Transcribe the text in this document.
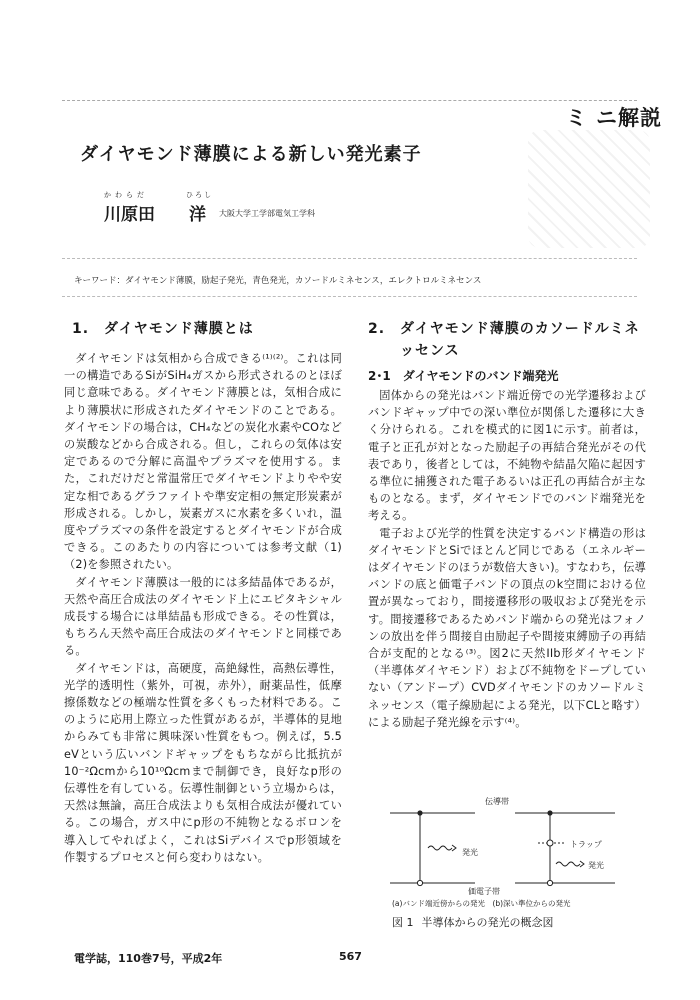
ミ ニ解説
ダイヤモンド薄膜による新しい発光素子
かわらだ
川原田
ひろし
洋 大阪大学工学部電気工学科
キーワード：ダイヤモンド薄膜，励起子発光，青色発光，カソードルミネセンス，エレクトロルミネセンス
1.　ダイヤモンド薄膜とは

ダイヤモンドは気相から合成できる⁽¹⁾⁽²⁾。これは同一の構造であるSiがSiH₄ガスから形式されるのとほぼ同じ意味である。ダイヤモンド薄膜とは，気相合成により薄膜状に形成されたダイヤモンドのことである。ダイヤモンドの場合は，CH₄などの炭化水素やCOなどの炭酸などから合成される。但し，これらの気体は安定であるので分解に高温やプラズマを使用する。また，これだけだと常温常圧でダイヤモンドよりやや安定な相であるグラファイトや準安定相の無定形炭素が形成される。しかし，炭素ガスに水素を多くいれ，温度やプラズマの条件を設定するとダイヤモンドが合成できる。このあたりの内容については参考文献（1)（2)を参照されたい。

ダイヤモンド薄膜は一般的には多結晶体であるが，天然や高圧合成法のダイヤモンド上にエピタキシャル成長する場合には単結晶も形成できる。その性質は，もちろん天然や高圧合成法のダイヤモンドと同様である。

ダイヤモンドは，高硬度，高絶縁性，高熱伝導性，光学的透明性（紫外，可視，赤外），耐薬品性，低摩擦係数などの極端な性質を多くもった材料である。このように応用上際立った性質があるが，半導体的見地からみても非常に興味深い性質をもつ。例えば，5.5 eVという広いバンドギャップをもちながら比抵抗が10⁻²Ωcmから10¹⁰Ωcmまで制御でき，良好なp形の伝導性を有している。伝導性制御という立場からは，天然は無論，高圧合成法よりも気相合成法が優れている。この場合，ガス中にp形の不純物となるボロンを導入してやればよく，これはSiデバイスでp形領域を作製するプロセスと何ら変わりはない。

2.　ダイヤモンド薄膜のカソードルミネッセンス
2･1　ダイヤモンドのバンド端発光

固体からの発光はバンド端近傍での光学遷移およびバンドギャップ中での深い準位が関係した遷移に大きく分けられる。これを模式的に図1に示す。前者は，電子と正孔が対となった励起子の再結合発光がその代表であり，後者としては，不純物や結晶欠陥に起因する準位に捕獲された電子あるいは正孔の再結合が主なものとなる。まず，ダイヤモンドでのバンド端発光を考える。

電子および光学的性質を決定するバンド構造の形はダイヤモンドとSiでほとんど同じである（エネルギーはダイヤモンドのほうが数倍大きい)。すなわち，伝導バンドの底と価電子バンドの頂点のk空間における位置が異なっており，間接遷移形の吸収および発光を示す。間接遷移であるためバンド端からの発光はフォノンの放出を伴う間接自由励起子や間接束縛励子の再結合が支配的となる⁽³⁾。図2に天然IIb形ダイヤモンド（半導体ダイヤモンド）および不純物をドープしていない（アンドープ）CVDダイヤモンドのカソードルミネッセンス（電子線励起による発光，以下CLと略す）による励起子発光線を示す⁽⁴⁾。

伝導帯
価電子帯
発光
トラップ
発光
(a)バンド端近傍からの発光　(b)深い準位からの発光
図 1 半導体からの発光の概念図
電学誌，110巻7号，平成2年	567
